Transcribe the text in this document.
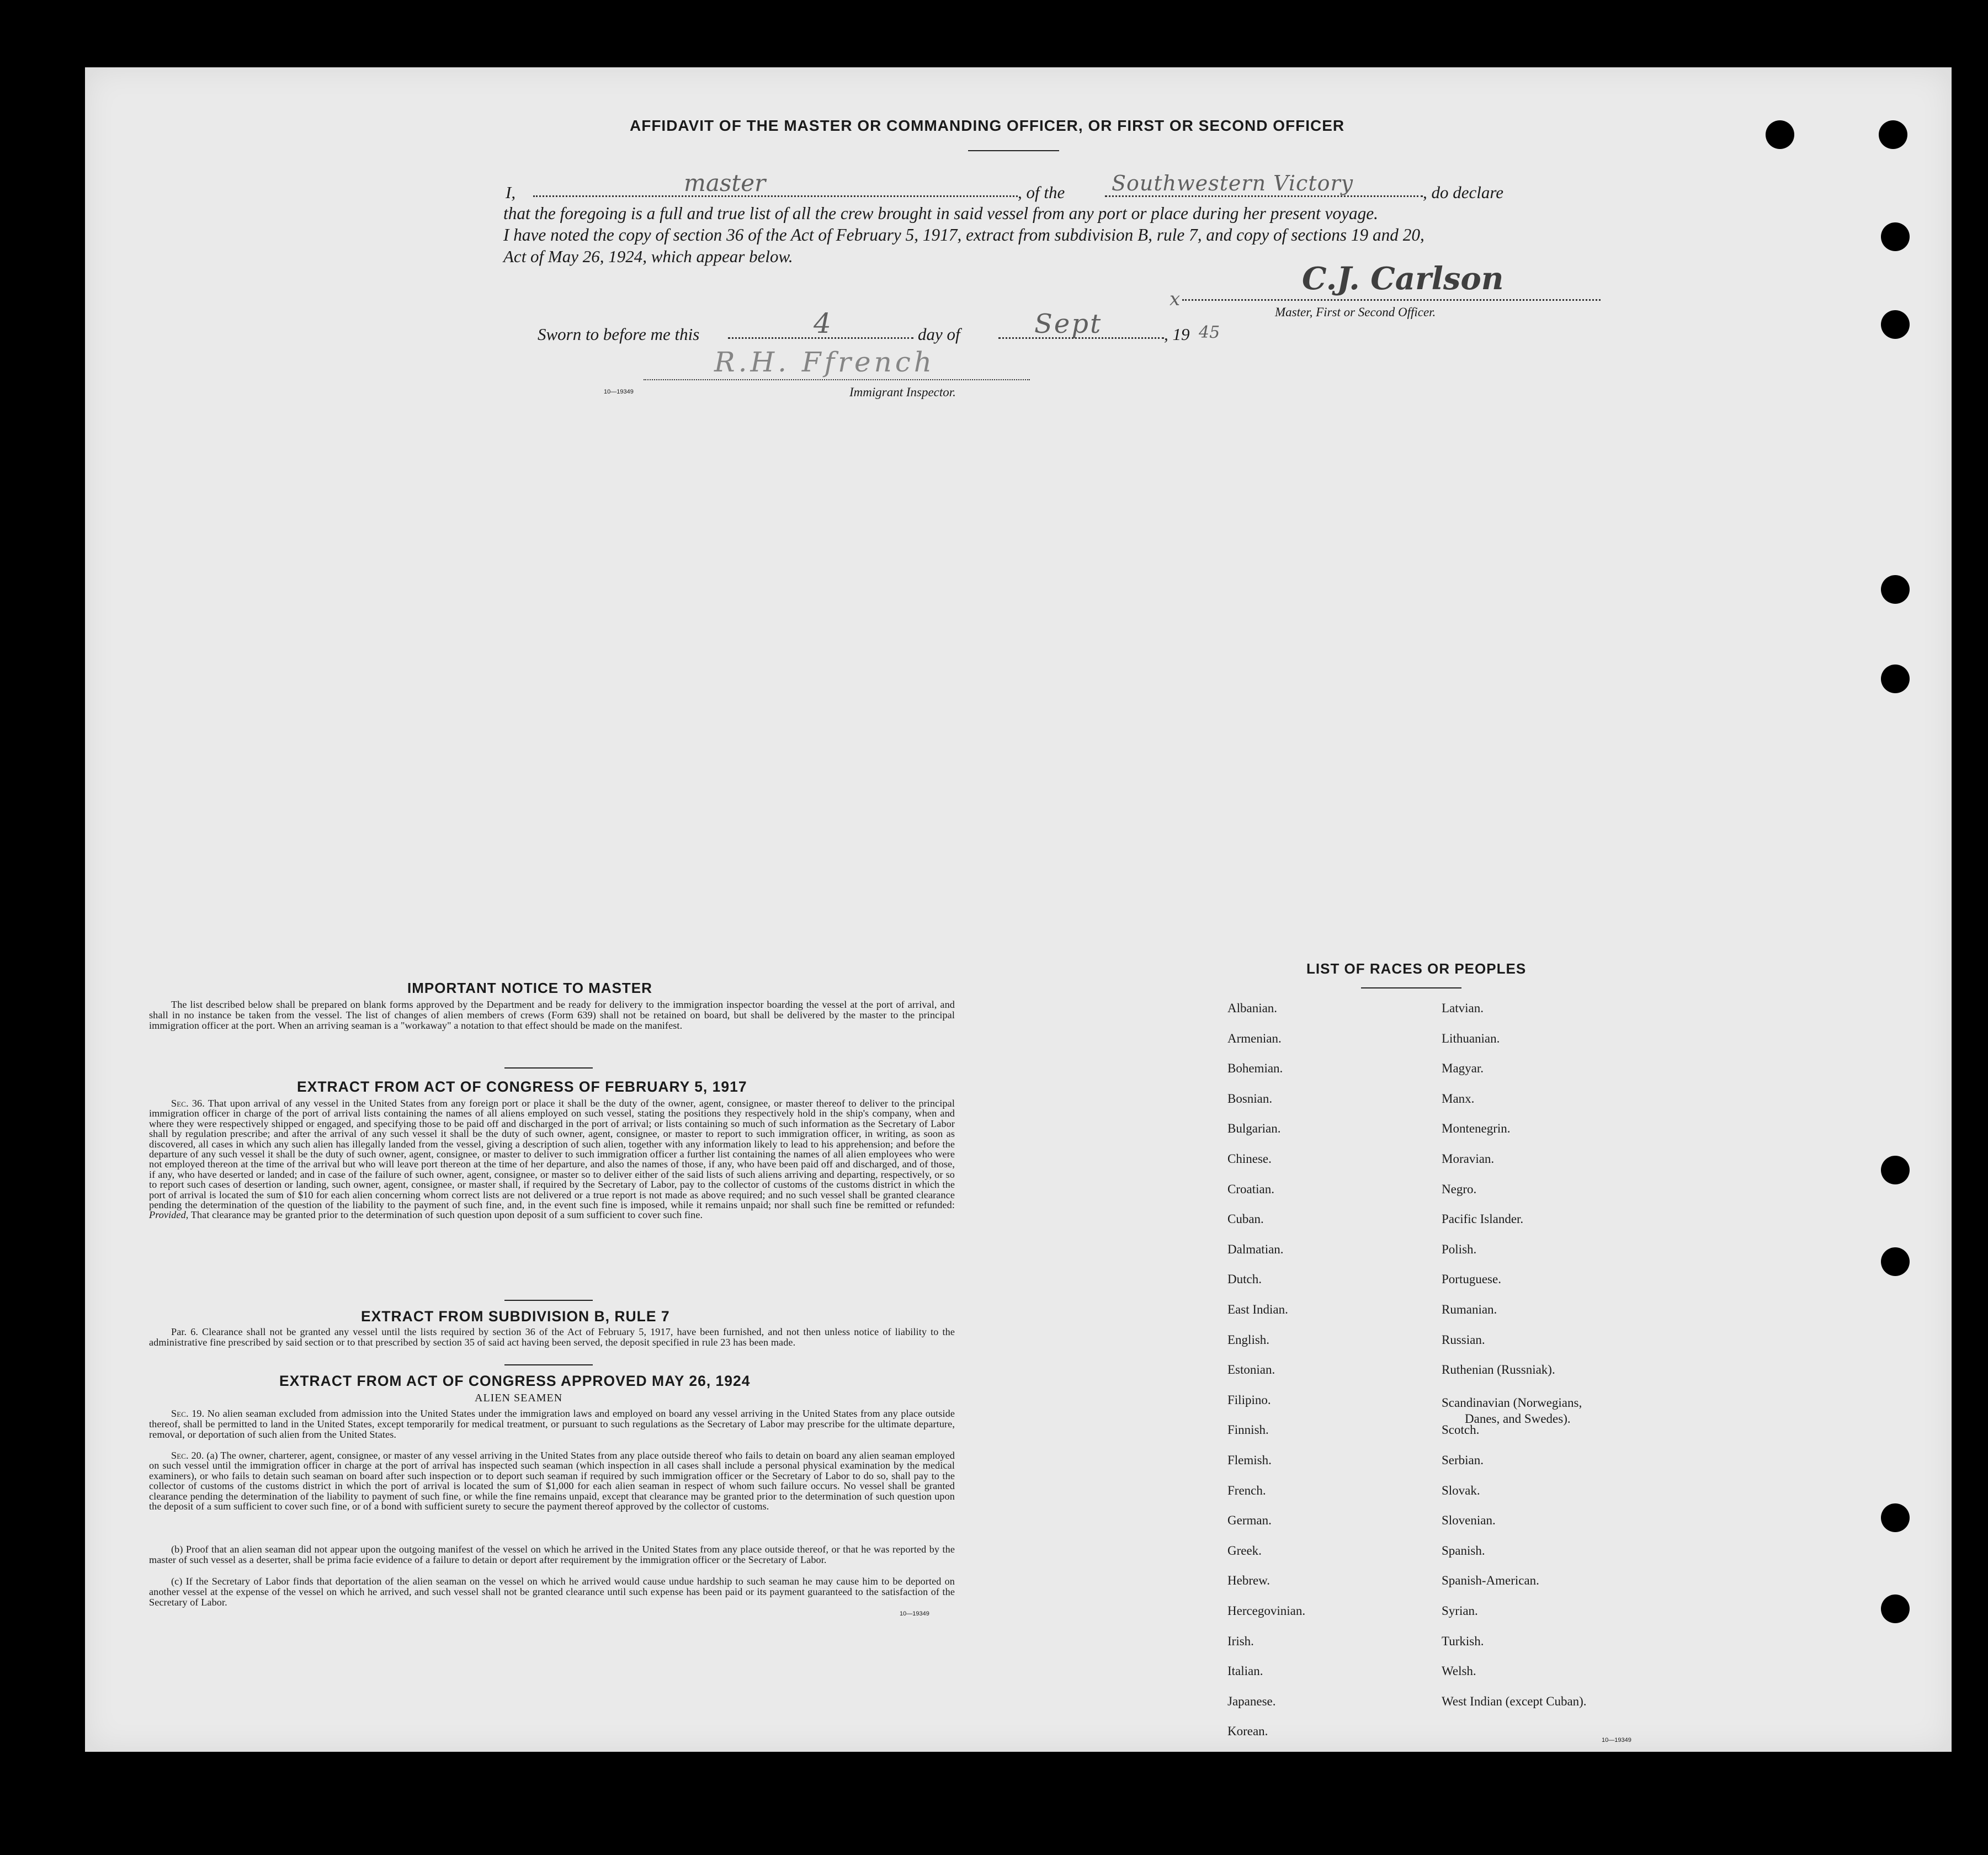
AFFIDAVIT OF THE MASTER OR COMMANDING OFFICER, OR FIRST OR SECOND OFFICER
I,	master	, of the Southwestern Victory	, do declare
that the foregoing is a full and true list of all the crew brought in said vessel from any port or place during her present voyage.
I have noted the copy of section 36 of the Act of February 5, 1917, extract from subdivision B, rule 7, and copy of sections 19 and 20,
Act of May 26, 1924, which appear below.
x
C.J. Carlson
Master, First or Second Officer.
Sworn to before me this	4	day of	Sept	, 19 45
R.H. Ffrench
10—19349	Immigrant Inspector.
IMPORTANT NOTICE TO MASTER
The list described below shall be prepared on blank forms approved by the Department and be ready for delivery to the immigration inspector boarding the vessel at the port of arrival, and shall in no instance be taken from the vessel. The list of changes of alien members of crews (Form 639) shall not be retained on board, but shall be delivered by the master to the principal immigration officer at the port. When an arriving seaman is a "workaway" a notation to that effect should be made on the manifest.
EXTRACT FROM ACT OF CONGRESS OF FEBRUARY 5, 1917
Sec. 36. That upon arrival of any vessel in the United States from any foreign port or place it shall be the duty of the owner, agent, consignee, or master thereof to deliver to the principal immigration officer in charge of the port of arrival lists containing the names of all aliens employed on such vessel, stating the positions they respectively hold in the ship's company, when and where they were respectively shipped or engaged, and specifying those to be paid off and discharged in the port of arrival; or lists containing so much of such information as the Secretary of Labor shall by regulation prescribe; and after the arrival of any such vessel it shall be the duty of such owner, agent, consignee, or master to report to such immigration officer, in writing, as soon as discovered, all cases in which any such alien has illegally landed from the vessel, giving a description of such alien, together with any information likely to lead to his apprehension; and before the departure of any such vessel it shall be the duty of such owner, agent, consignee, or master to deliver to such immigration officer a further list containing the names of all alien employees who were not employed thereon at the time of the arrival but who will leave port thereon at the time of her departure, and also the names of those, if any, who have been paid off and discharged, and of those, if any, who have deserted or landed; and in case of the failure of such owner, agent, consignee, or master so to deliver either of the said lists of such aliens arriving and departing, respectively, or so to report such cases of desertion or landing, such owner, agent, consignee, or master shall, if required by the Secretary of Labor, pay to the collector of customs of the customs district in which the port of arrival is located the sum of $10 for each alien concerning whom correct lists are not delivered or a true report is not made as above required; and no such vessel shall be granted clearance pending the determination of the question of the liability to the payment of such fine, and, in the event such fine is imposed, while it remains unpaid; nor shall such fine be remitted or refunded: Provided, That clearance may be granted prior to the determination of such question upon deposit of a sum sufficient to cover such fine.
EXTRACT FROM SUBDIVISION B, RULE 7
Par. 6. Clearance shall not be granted any vessel until the lists required by section 36 of the Act of February 5, 1917, have been furnished, and not then unless notice of liability to the administrative fine prescribed by said section or to that prescribed by section 35 of said act having been served, the deposit specified in rule 23 has been made.
EXTRACT FROM ACT OF CONGRESS APPROVED MAY 26, 1924
ALIEN SEAMEN
Sec. 19. No alien seaman excluded from admission into the United States under the immigration laws and employed on board any vessel arriving in the United States from any place outside thereof, shall be permitted to land in the United States, except temporarily for medical treatment, or pursuant to such regulations as the Secretary of Labor may prescribe for the ultimate departure, removal, or deportation of such alien from the United States.
Sec. 20. (a) The owner, charterer, agent, consignee, or master of any vessel arriving in the United States from any place outside thereof who fails to detain on board any alien seaman employed on such vessel until the immigration officer in charge at the port of arrival has inspected such seaman (which inspection in all cases shall include a personal physical examination by the medical examiners), or who fails to detain such seaman on board after such inspection or to deport such seaman if required by such immigration officer or the Secretary of Labor to do so, shall pay to the collector of customs of the customs district in which the port of arrival is located the sum of $1,000 for each alien seaman in respect of whom such failure occurs. No vessel shall be granted clearance pending the determination of the liability to payment of such fine, or while the fine remains unpaid, except that clearance may be granted prior to the determination of such question upon the deposit of a sum sufficient to cover such fine, or of a bond with sufficient surety to secure the payment thereof approved by the collector of customs.
(b) Proof that an alien seaman did not appear upon the outgoing manifest of the vessel on which he arrived in the United States from any place outside thereof, or that he was reported by the master of such vessel as a deserter, shall be prima facie evidence of a failure to detain or deport after requirement by the immigration officer or the Secretary of Labor.
(c) If the Secretary of Labor finds that deportation of the alien seaman on the vessel on which he arrived would cause undue hardship to such seaman he may cause him to be deported on another vessel at the expense of the vessel on which he arrived, and such vessel shall not be granted clearance until such expense has been paid or its payment guaranteed to the satisfaction of the Secretary of Labor.
10—19349
LIST OF RACES OR PEOPLES
Albanian.
Armenian.
Bohemian.
Bosnian.
Bulgarian.
Chinese.
Croatian.
Cuban.
Dalmatian.
Dutch.
East Indian.
English.
Estonian.
Filipino.
Finnish.
Flemish.
French.
German.
Greek.
Hebrew.
Hercegovinian.
Irish.
Italian.
Japanese.
Korean.
Latvian.
Lithuanian.
Magyar.
Manx.
Montenegrin.
Moravian.
Negro.
Pacific Islander.
Polish.
Portuguese.
Rumanian.
Russian.
Ruthenian (Russniak).
Scandinavian (Norwegians,
Danes, and Swedes).
Scotch.
Serbian.
Slovak.
Slovenian.
Spanish.
Spanish-American.
Syrian.
Turkish.
Welsh.
West Indian (except Cuban).
10—19349
